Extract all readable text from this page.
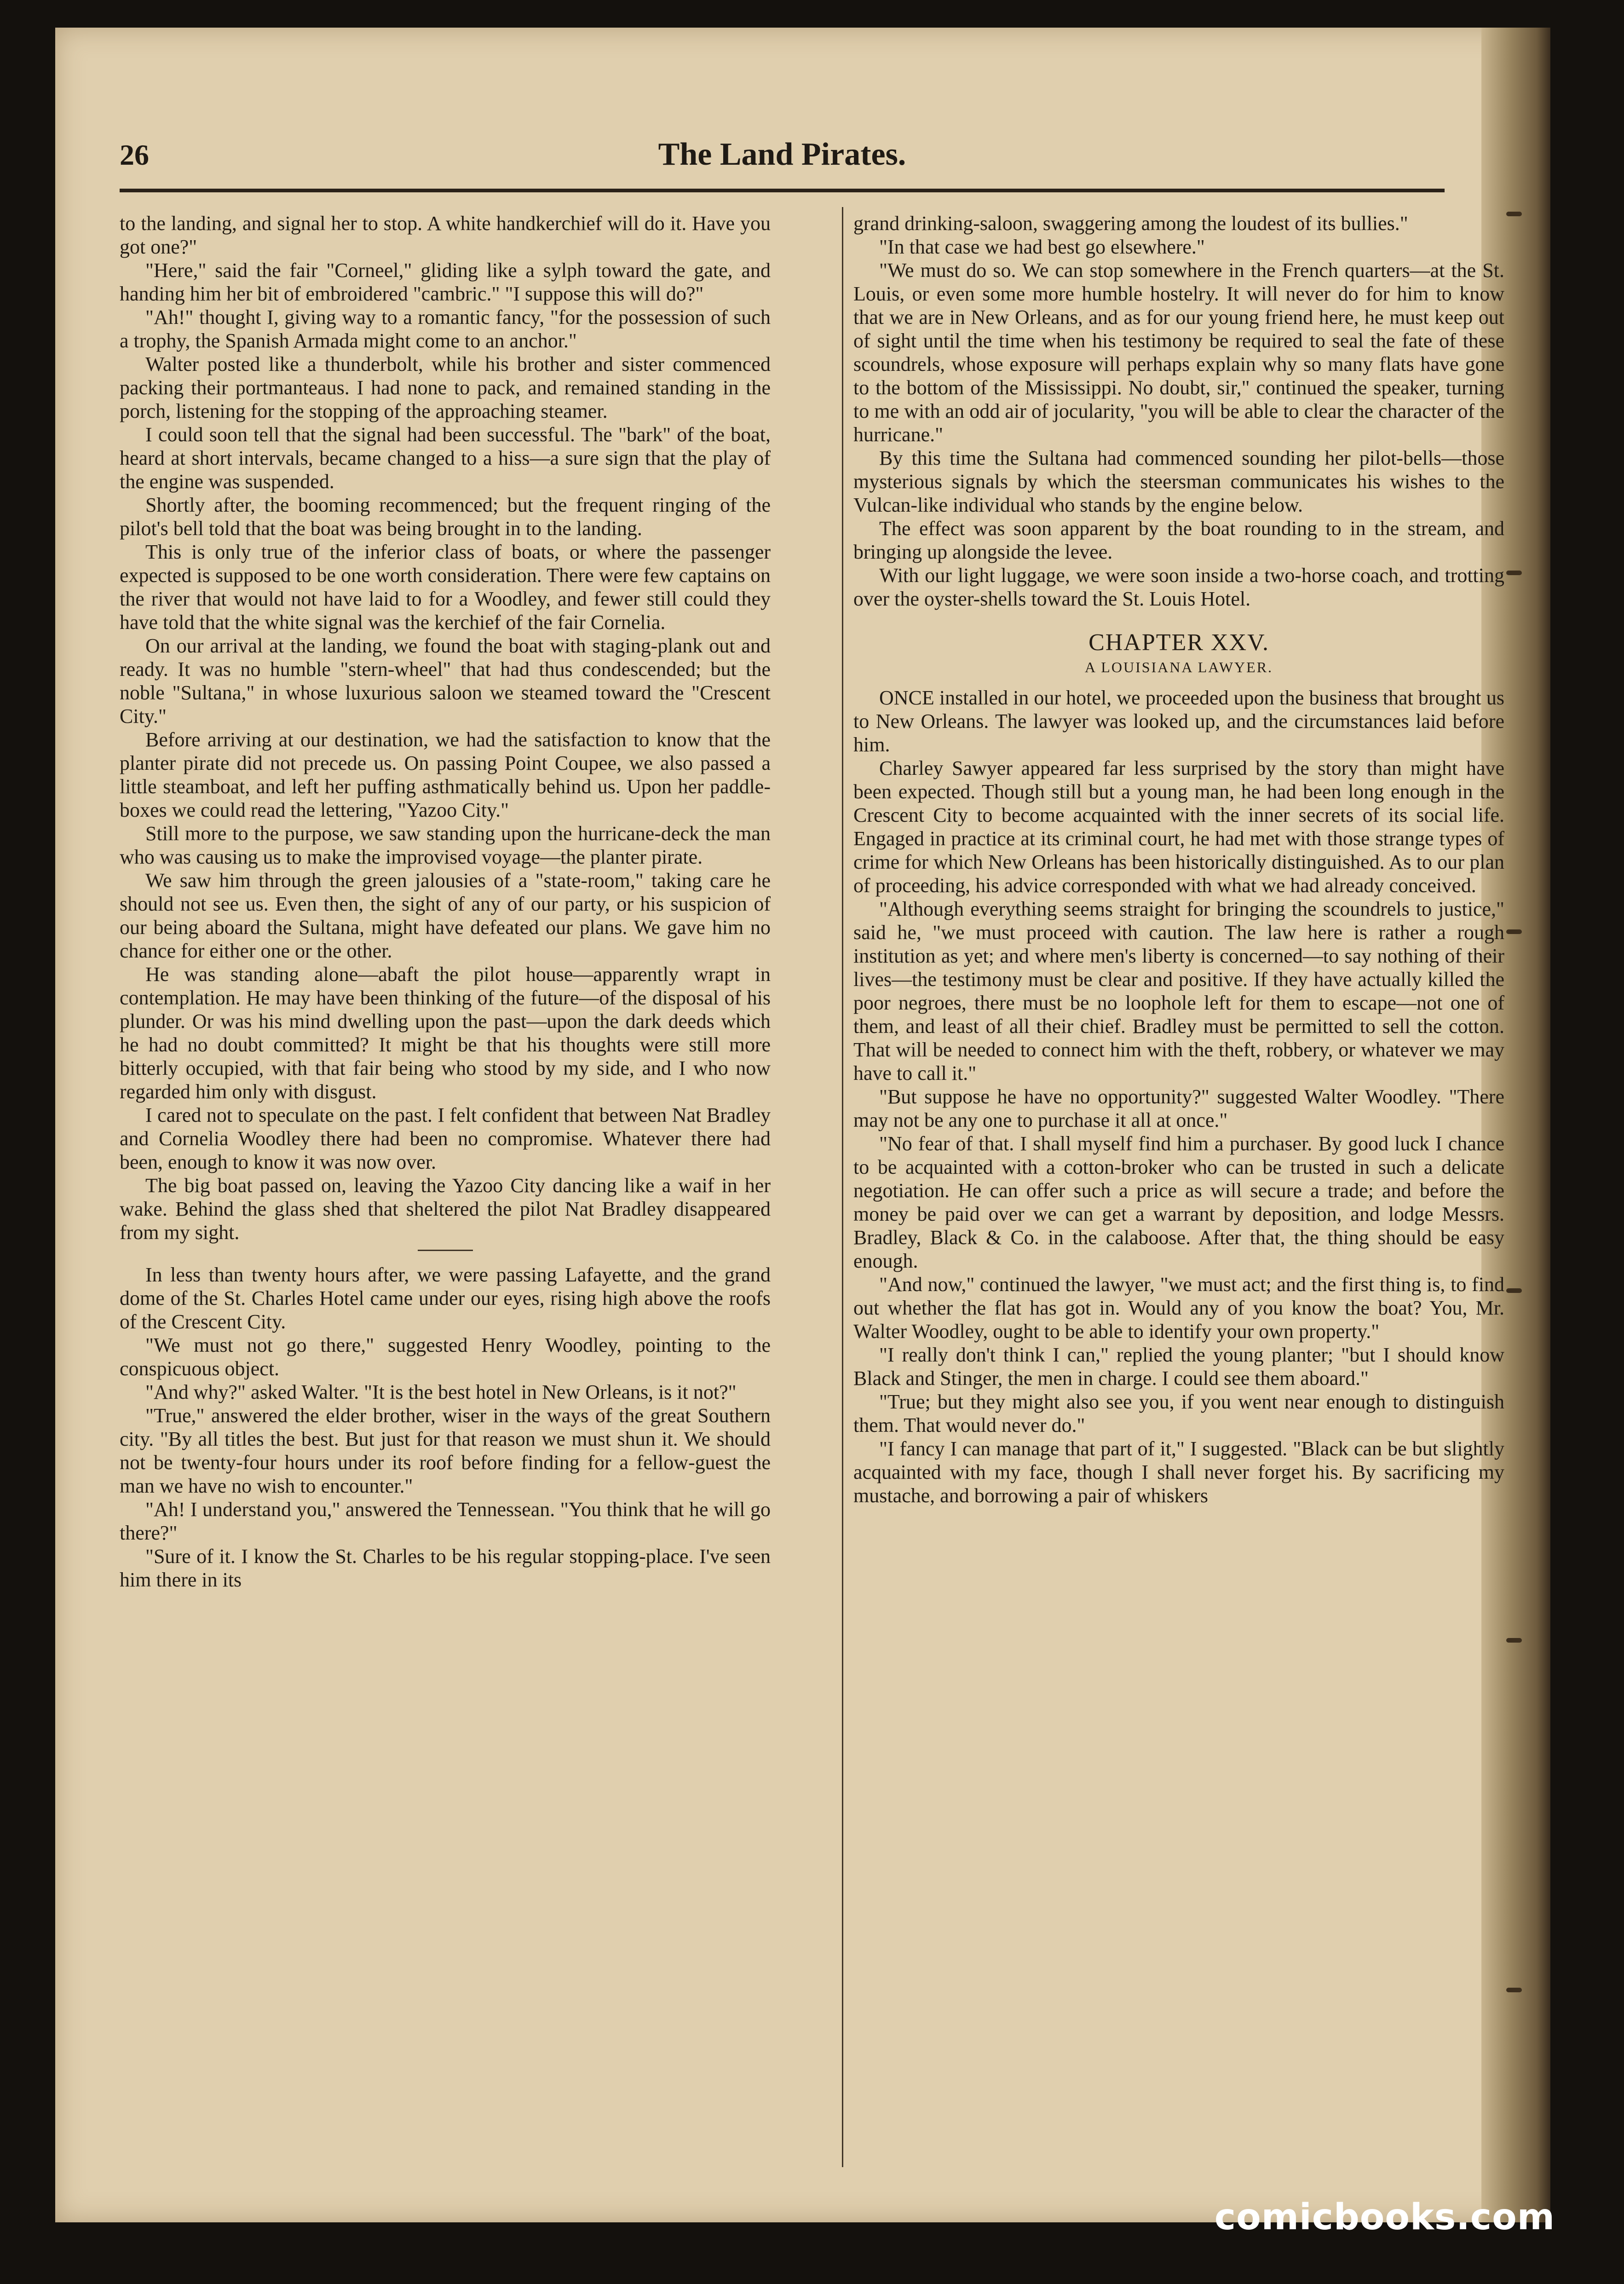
26	The Land Pirates.

to the landing, and signal her to stop. A white handkerchief will do it. Have you got one?"

"Here," said the fair "Corneel," gliding like a sylph toward the gate, and handing him her bit of embroidered "cambric." "I suppose this will do?"

"Ah!" thought I, giving way to a romantic fancy, "for the possession of such a trophy, the Spanish Armada might come to an anchor."

Walter posted like a thunderbolt, while his brother and sister commenced packing their portmanteaus. I had none to pack, and remained standing in the porch, listening for the stopping of the approaching steamer.

I could soon tell that the signal had been successful. The "bark" of the boat, heard at short intervals, became changed to a hiss—a sure sign that the play of the engine was suspended.

Shortly after, the booming recommenced; but the frequent ringing of the pilot's bell told that the boat was being brought in to the landing.

This is only true of the inferior class of boats, or where the passenger expected is supposed to be one worth consideration. There were few captains on the river that would not have laid to for a Woodley, and fewer still could they have told that the white signal was the kerchief of the fair Cornelia.

On our arrival at the landing, we found the boat with staging-plank out and ready. It was no humble "stern-wheel" that had thus condescended; but the noble "Sultana," in whose luxurious saloon we steamed toward the "Crescent City."

Before arriving at our destination, we had the satisfaction to know that the planter pirate did not precede us. On passing Point Coupee, we also passed a little steamboat, and left her puffing asthmatically behind us. Upon her paddle-boxes we could read the lettering, "Yazoo City."

Still more to the purpose, we saw standing upon the hurricane-deck the man who was causing us to make the improvised voyage—the planter pirate.

We saw him through the green jalousies of a "state-room," taking care he should not see us. Even then, the sight of any of our party, or his suspicion of our being aboard the Sultana, might have defeated our plans. We gave him no chance for either one or the other.

He was standing alone—abaft the pilot house—apparently wrapt in contemplation. He may have been thinking of the future—of the disposal of his plunder. Or was his mind dwelling upon the past—upon the dark deeds which he had no doubt committed? It might be that his thoughts were still more bitterly occupied, with that fair being who stood by my side, and I who now regarded him only with disgust.

I cared not to speculate on the past. I felt confident that between Nat Bradley and Cornelia Woodley there had been no compromise. Whatever there had been, enough to know it was now over.

The big boat passed on, leaving the Yazoo City dancing like a waif in her wake. Behind the glass shed that sheltered the pilot Nat Bradley disappeared from my sight.

In less than twenty hours after, we were passing Lafayette, and the grand dome of the St. Charles Hotel came under our eyes, rising high above the roofs of the Crescent City.

"We must not go there," suggested Henry Woodley, pointing to the conspicuous object.

"And why?" asked Walter. "It is the best hotel in New Orleans, is it not?"

"True," answered the elder brother, wiser in the ways of the great Southern city. "By all titles the best. But just for that reason we must shun it. We should not be twenty-four hours under its roof before finding for a fellow-guest the man we have no wish to encounter."

"Ah! I understand you," answered the Tennessean. "You think that he will go there?"

"Sure of it. I know the St. Charles to be his regular stopping-place. I've seen him there in its

grand drinking-saloon, swaggering among the loudest of its bullies."

"In that case we had best go elsewhere."

"We must do so. We can stop somewhere in the French quarters—at the St. Louis, or even some more humble hostelry. It will never do for him to know that we are in New Orleans, and as for our young friend here, he must keep out of sight until the time when his testimony be required to seal the fate of these scoundrels, whose exposure will perhaps explain why so many flats have gone to the bottom of the Mississippi. No doubt, sir," continued the speaker, turning to me with an odd air of jocularity, "you will be able to clear the character of the hurricane."

By this time the Sultana had commenced sounding her pilot-bells—those mysterious signals by which the steersman communicates his wishes to the Vulcan-like individual who stands by the engine below.

The effect was soon apparent by the boat rounding to in the stream, and bringing up alongside the levee.

With our light luggage, we were soon inside a two-horse coach, and trotting over the oyster-shells toward the St. Louis Hotel.

CHAPTER XXV.
A LOUISIANA LAWYER.

ONCE installed in our hotel, we proceeded upon the business that brought us to New Orleans. The lawyer was looked up, and the circumstances laid before him.

Charley Sawyer appeared far less surprised by the story than might have been expected. Though still but a young man, he had been long enough in the Crescent City to become acquainted with the inner secrets of its social life. Engaged in practice at its criminal court, he had met with those strange types of crime for which New Orleans has been historically distinguished. As to our plan of proceeding, his advice corresponded with what we had already conceived.

"Although everything seems straight for bringing the scoundrels to justice," said he, "we must proceed with caution. The law here is rather a rough institution as yet; and where men's liberty is concerned—to say nothing of their lives—the testimony must be clear and positive. If they have actually killed the poor negroes, there must be no loophole left for them to escape—not one of them, and least of all their chief. Bradley must be permitted to sell the cotton. That will be needed to connect him with the theft, robbery, or whatever we may have to call it."

"But suppose he have no opportunity?" suggested Walter Woodley. "There may not be any one to purchase it all at once."

"No fear of that. I shall myself find him a purchaser. By good luck I chance to be acquainted with a cotton-broker who can be trusted in such a delicate negotiation. He can offer such a price as will secure a trade; and before the money be paid over we can get a warrant by deposition, and lodge Messrs. Bradley, Black & Co. in the calaboose. After that, the thing should be easy enough.

"And now," continued the lawyer, "we must act; and the first thing is, to find out whether the flat has got in. Would any of you know the boat? You, Mr. Walter Woodley, ought to be able to identify your own property."

"I really don't think I can," replied the young planter; "but I should know Black and Stinger, the men in charge. I could see them aboard."

"True; but they might also see you, if you went near enough to distinguish them. That would never do."

"I fancy I can manage that part of it," I suggested. "Black can be but slightly acquainted with my face, though I shall never forget his. By sacrificing my mustache, and borrowing a pair of whiskers

comicbooks.com
